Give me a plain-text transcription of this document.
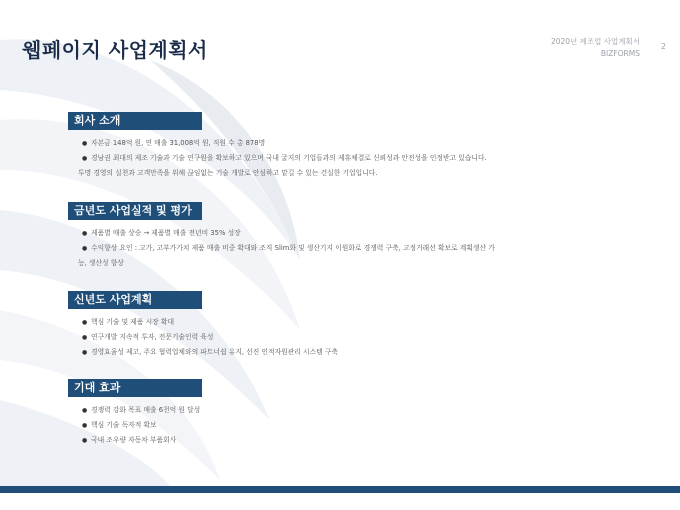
웹페이지 사업계획서	2020년 제조업 사업계획서
BIZFORMS
2
회사 소개
● 자본금 148억 원, 연 매출 31,008억 원, 직원 수 총 878명
● 경남권 최대의 제조 기술과 기술 연구원을 확보하고 있으며 국내 굴지의 기업들과의 제휴체결로 신뢰성과 안전성을 인정받고 있습니다.
투명 경영의 실천과 고객만족을 위해 끊임없는 기술 개발로 안심하고 맡길 수 있는 건실한 기업입니다.
금년도 사업실적 및 평가
● 제품별 매출 상승 → 제품별 매출 전년비 35% 성장
● 수익향상 요인 : 고가, 고부가가치 제품 매출 비중 확대와 조직 Slim화 및 생산기지 이원화로 경쟁력 구축, 고정거래선 확보로 계획생산 가
능, 생산성 향상
신년도 사업계획
● 핵심 기술 및 제품 시장 확대
● 연구개발 지속적 투자, 전문기술인력 육성
● 경영효율성 제고, 주요 협력업체와의 파트너쉽 유지, 선진 인적자원관리 시스템 구축
기대 효과
● 경쟁력 강화 목표 매출 6천억 원 달성
● 핵심 기술 독자적 확보
● 국내 조우량 자동차 부품회사
